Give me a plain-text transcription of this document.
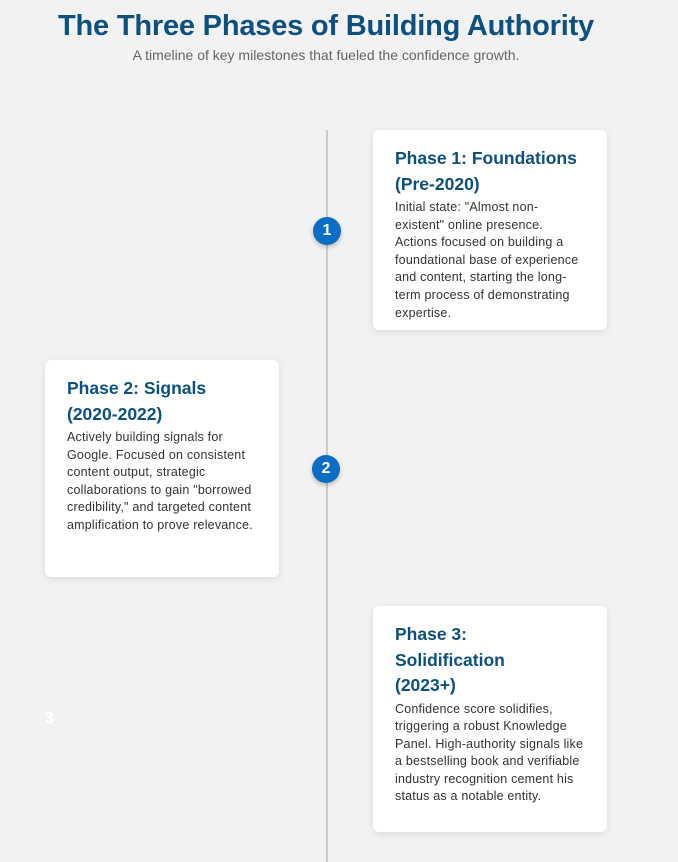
The Three Phases of Building Authority

A timeline of key milestones that fueled the confidence growth.

1
Phase 1: Foundations (Pre-2020)

Initial state: "Almost non-existent" online presence. Actions focused on building a foundational base of experience and content, starting the long-term process of demonstrating expertise.

2
Phase 2: Signals (2020-2022)

Actively building signals for Google. Focused on consistent content output, strategic collaborations to gain "borrowed credibility," and targeted content amplification to prove relevance.

3
Phase 3: Solidification (2023+)

Confidence score solidifies, triggering a robust Knowledge Panel. High-authority signals like a bestselling book and verifiable industry recognition cement his status as a notable entity.
